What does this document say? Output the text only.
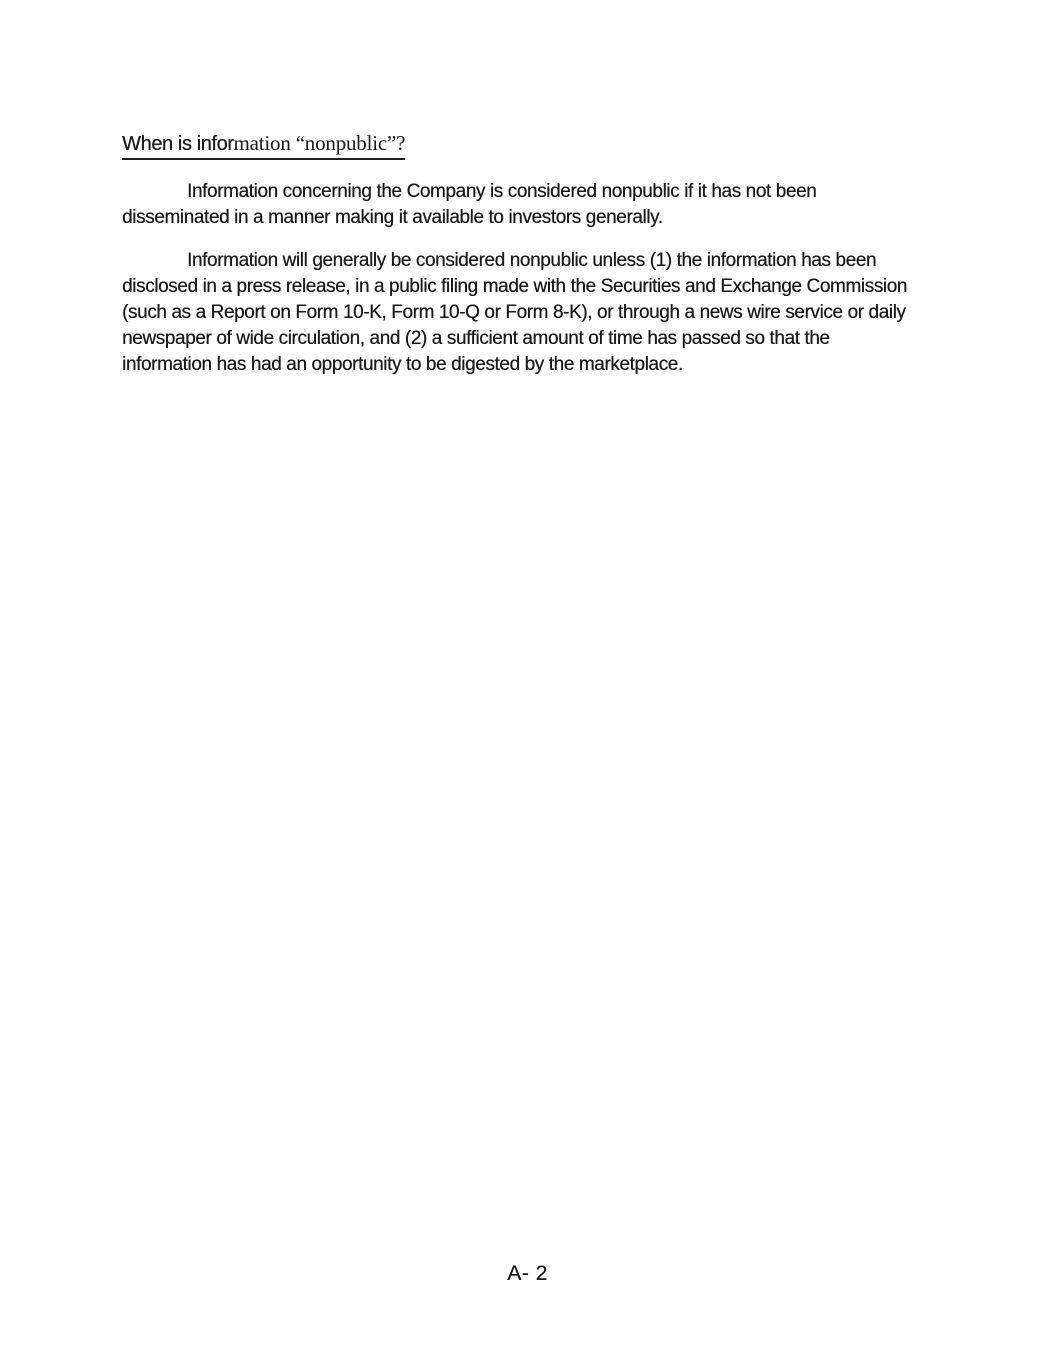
When is information “nonpublic”?
Information concerning the Company is considered nonpublic if it has not been
disseminated in a manner making it available to investors generally.
Information will generally be considered nonpublic unless (1) the information has been
disclosed in a press release, in a public filing made with the Securities and Exchange Commission
(such as a Report on Form 10-K, Form 10-Q or Form 8-K), or through a news wire service or daily
newspaper of wide circulation, and (2) a sufficient amount of time has passed so that the
information has had an opportunity to be digested by the marketplace.
A- 2
